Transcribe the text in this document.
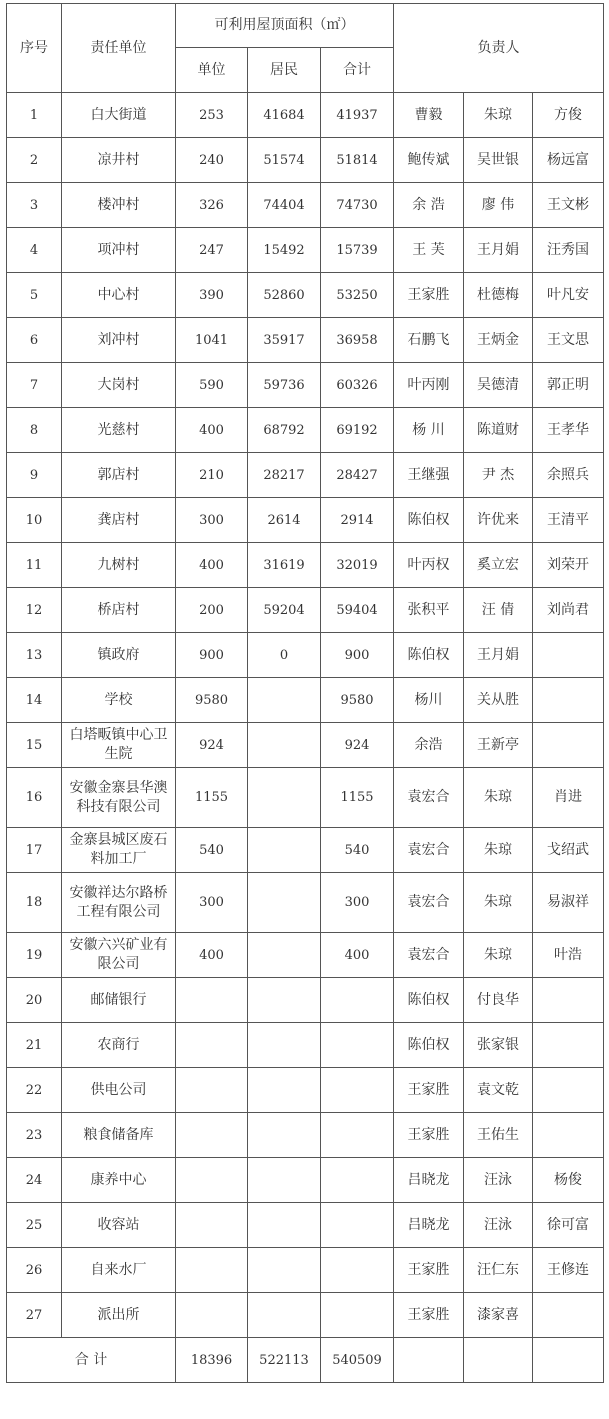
序号	责任单位	可利用屋顶面积（㎡）			负责人		
		单位	居民	合计			
1	白大街道	253	41684	41937	曹毅	朱琼	方俊
2	凉井村	240	51574	51814	鲍传斌	吴世银	杨远富
3	楼冲村	326	74404	74730	余 浩	廖 伟	王文彬
4	项冲村	247	15492	15739	王 芙	王月娟	汪秀国
5	中心村	390	52860	53250	王家胜	杜德梅	叶凡安
6	刘冲村	1041	35917	36958	石鹏飞	王炳金	王文思
7	大岗村	590	59736	60326	叶丙刚	吴德清	郭正明
8	光慈村	400	68792	69192	杨 川	陈道财	王孝华
9	郭店村	210	28217	28427	王继强	尹 杰	余照兵
10	龚店村	300	2614	2914	陈伯权	许优来	王清平
11	九树村	400	31619	32019	叶丙权	奚立宏	刘荣开
12	桥店村	200	59204	59404	张积平	汪 倩	刘尚君
13	镇政府	900	0	900	陈伯权	王月娟	
14	学校	9580		9580	杨川	关从胜	
15	白塔畈镇中心卫生院	924		924	余浩	王新亭	
16	安徽金寨县华澳科技有限公司	1155		1155	袁宏合	朱琼	肖进
17	金寨县城区废石料加工厂	540		540	袁宏合	朱琼	戈绍武
18	安徽祥达尔路桥工程有限公司	300		300	袁宏合	朱琼	易淑祥
19	安徽六兴矿业有限公司	400		400	袁宏合	朱琼	叶浩
20	邮储银行				陈伯权	付良华	
21	农商行				陈伯权	张家银	
22	供电公司				王家胜	袁文乾	
23	粮食储备库				王家胜	王佑生	
24	康养中心				吕晓龙	汪泳	杨俊
25	收容站				吕晓龙	汪泳	徐可富
26	自来水厂				王家胜	汪仁东	王修连
27	派出所				王家胜	漆家喜	
合 计		18396	522113	540509			
